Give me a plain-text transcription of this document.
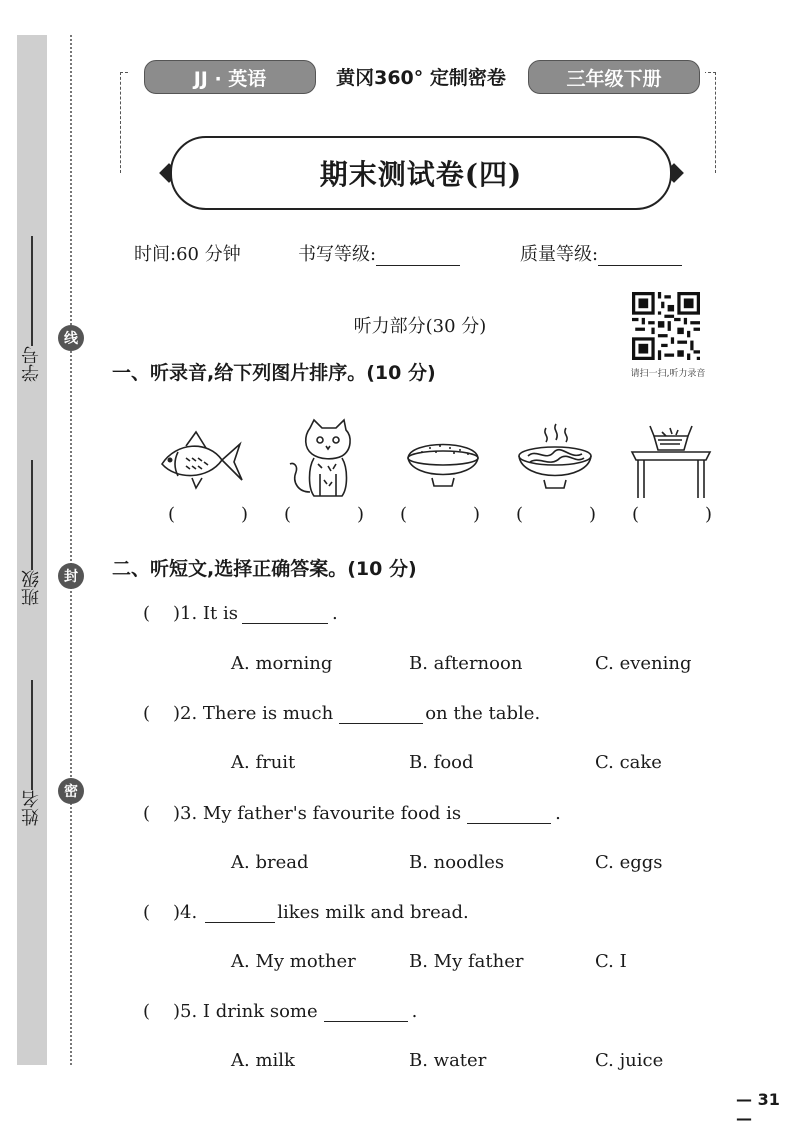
学号
班级
姓名
线
封
密
JJ · 英语	黄冈360° 定制密卷	三年级下册
期末测试卷(四)
时间:60 分钟	书写等级:	质量等级:
听力部分(30 分)
请扫一扫,听力录音
一、听录音,给下列图片排序。(10 分)
(	) (	) (	) (	) (	)
二、听短文,选择正确答案。(10 分)
(	)1. It is	.
A. morning	B. afternoon	C. evening
(	)2. There is much	on the table.
A. fruit	B. food	C. cake
(	)3. My father's favourite food is	.
A. bread	B. noodles	C. eggs
(	)4.	likes milk and bread.
A. My mother	B. My father	C. I
(	)5. I drink some	.
A. milk	B. water	C. juice
— 31 —
